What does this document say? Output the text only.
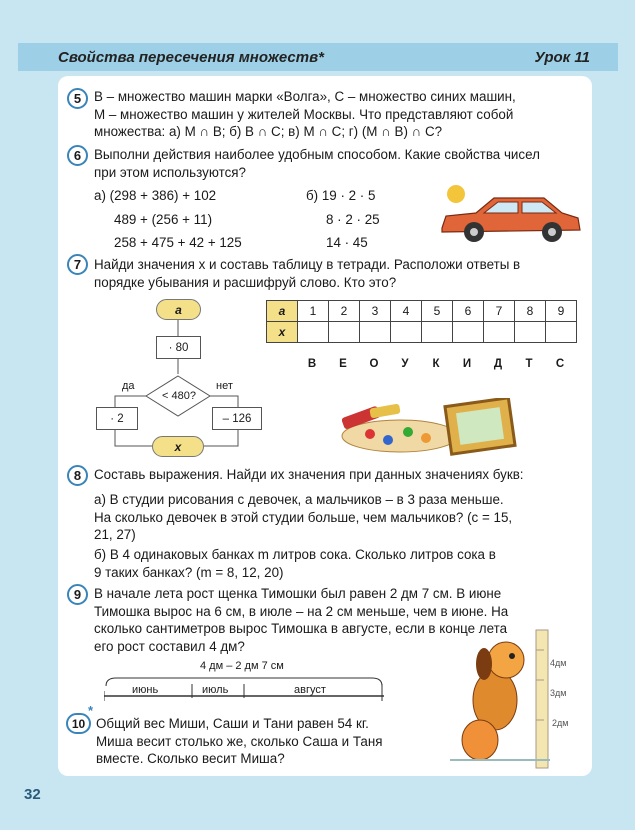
Свойства пересечения множеств*	Урок 11
5 В – множество машин марки «Волга», С – множество синих машин,
М – множество машин у жителей Москвы. Что представляют собой
множества: а) М ∩ В; б) В ∩ С; в) М ∩ С; г) (М ∩ В) ∩ С?
6 Выполни действия наиболее удобным способом. Какие свойства чисел
при этом используются?
а) (298 + 386) + 102
489 + (256 + 11)
258 + 475 + 42 + 125
б) 19 · 2 · 5
8 · 2 · 25
14 · 45
7 Найди значения x и составь таблицу в тетради. Расположи ответы в
порядке убывания и расшифруй слово. Кто это?
a
· 80
< 480?
да	нет
· 2	– 126
x
a	1	2	3	4	5	6	7	8	9
x									
В	Е	О	У	К	И	Д	Т	С
8 Составь выражения. Найди их значения при данных значениях букв:
а) В студии рисования с девочек, а мальчиков – в 3 раза меньше.
На сколько девочек в этой студии больше, чем мальчиков? (с = 15,
21, 27)
б) В 4 одинаковых банках m литров сока. Сколько литров сока в
9 таких банках? (m = 8, 12, 20)
9 В начале лета рост щенка Тимошки был равен 2 дм 7 см. В июне
Тимошка вырос на 6 см, в июле – на 2 см меньше, чем в июне. На
сколько сантиметров вырос Тимошка в августе, если в конце лета
его рост составил 4 дм?
4 дм – 2 дм 7 см
июнь	июль	август
4дм
3дм
2дм
10
*
Общий вес Миши, Саши и Тани равен 54 кг.
Миша весит столько же, сколько Саша и Таня
вместе. Сколько весит Миша?
32
